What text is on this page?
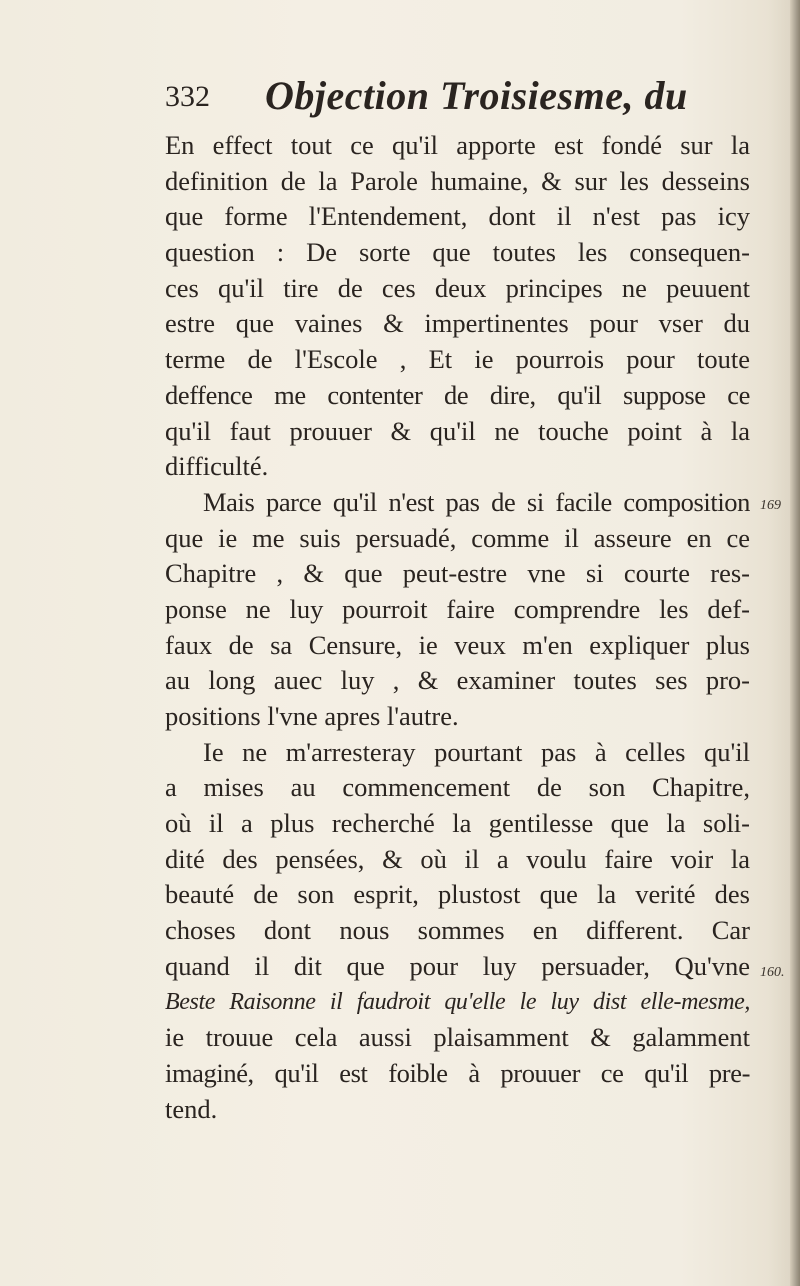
332 Objection Troisiesme, du
En effect tout ce qu'il apporte est fondé sur la
definition de la Parole humaine, & sur les desseins
que forme l'Entendement, dont il n'est pas icy
question : De sorte que toutes les consequen-
ces qu'il tire de ces deux principes ne peuuent
estre que vaines & impertinentes pour vser du
terme de l'Escole , Et ie pourrois pour toute
deffence me contenter de dire, qu'il suppose ce
qu'il faut prouuer & qu'il ne touche point à la
difficulté.
Mais parce qu'il n'est pas de si facile composition
que ie me suis persuadé, comme il asseure en ce
Chapitre , & que peut-estre vne si courte res-
ponse ne luy pourroit faire comprendre les def-
faux de sa Censure, ie veux m'en expliquer plus
au long auec luy , & examiner toutes ses pro-
positions l'vne apres l'autre.
Ie ne m'arresteray pourtant pas à celles qu'il
a mises au commencement de son Chapitre,
où il a plus recherché la gentilesse que la soli-
dité des pensées, & où il a voulu faire voir la
beauté de son esprit, plustost que la verité des
choses dont nous sommes en different. Car
quand il dit que pour luy persuader, Qu'vne
Beste Raisonne il faudroit qu'elle le luy dist elle-mesme,
ie trouue cela aussi plaisamment & galamment
imaginé, qu'il est foible à prouuer ce qu'il pre-
tend.
169
160.
